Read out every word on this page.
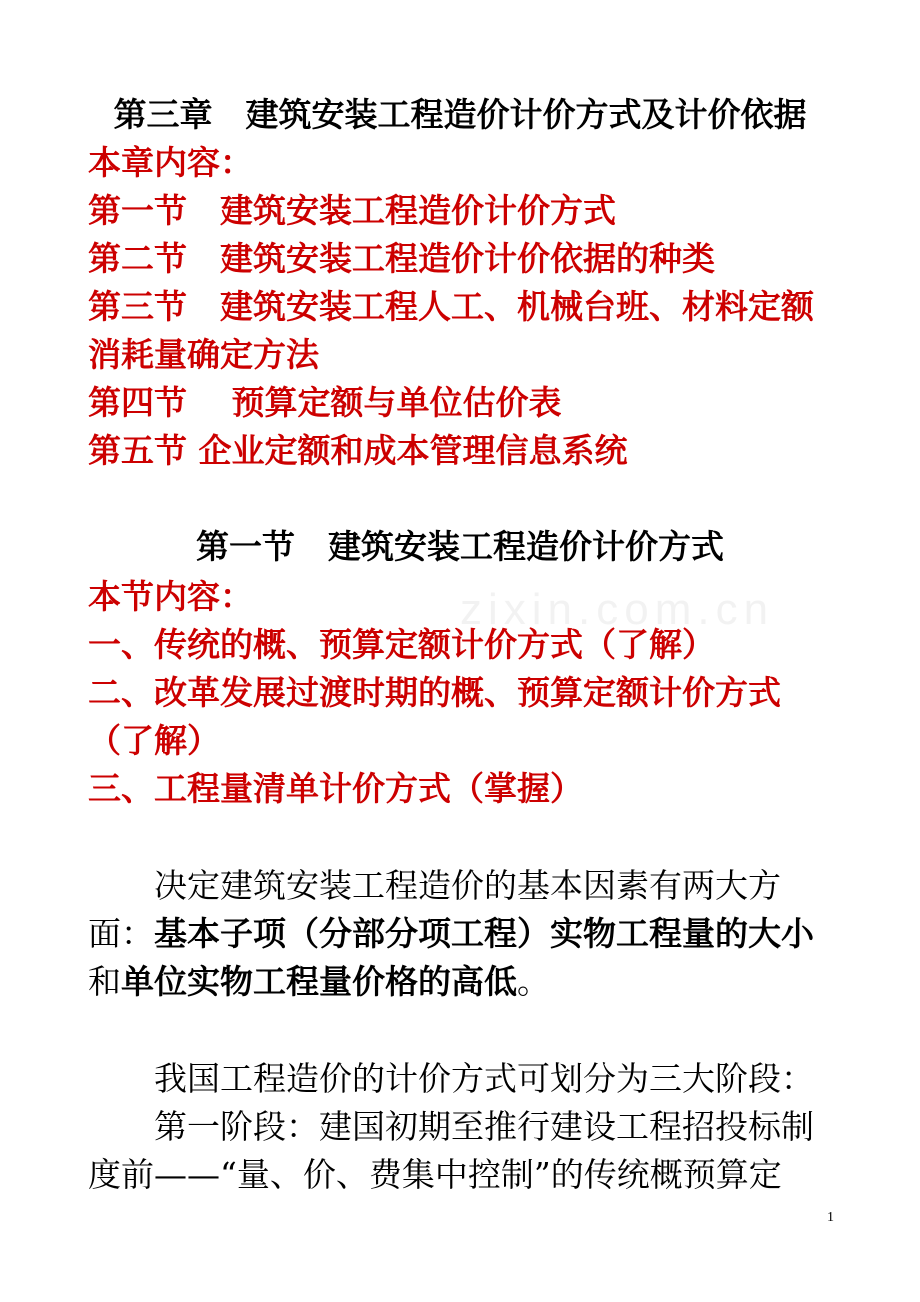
zixin.com.cn
第三章　建筑安装工程造价计价方式及计价依据
本章内容：
第一节　建筑安装工程造价计价方式
第二节　建筑安装工程造价计价依据的种类
第三节　建筑安装工程人工、机械台班、材料定额
消耗量确定方法
第四节　 预算定额与单位估价表
第五节 企业定额和成本管理信息系统
第一节　建筑安装工程造价计价方式
本节内容：
一、传统的概、预算定额计价方式（了解）
二、改革发展过渡时期的概、预算定额计价方式
（了解）
三、工程量清单计价方式（掌握）
决定建筑安装工程造价的基本因素有两大方
面：基本子项（分部分项工程）实物工程量的大小
和单位实物工程量价格的高低。
我国工程造价的计价方式可划分为三大阶段：
第一阶段：建国初期至推行建设工程招投标制
度前——“量、价、费集中控制”的传统概预算定
1
